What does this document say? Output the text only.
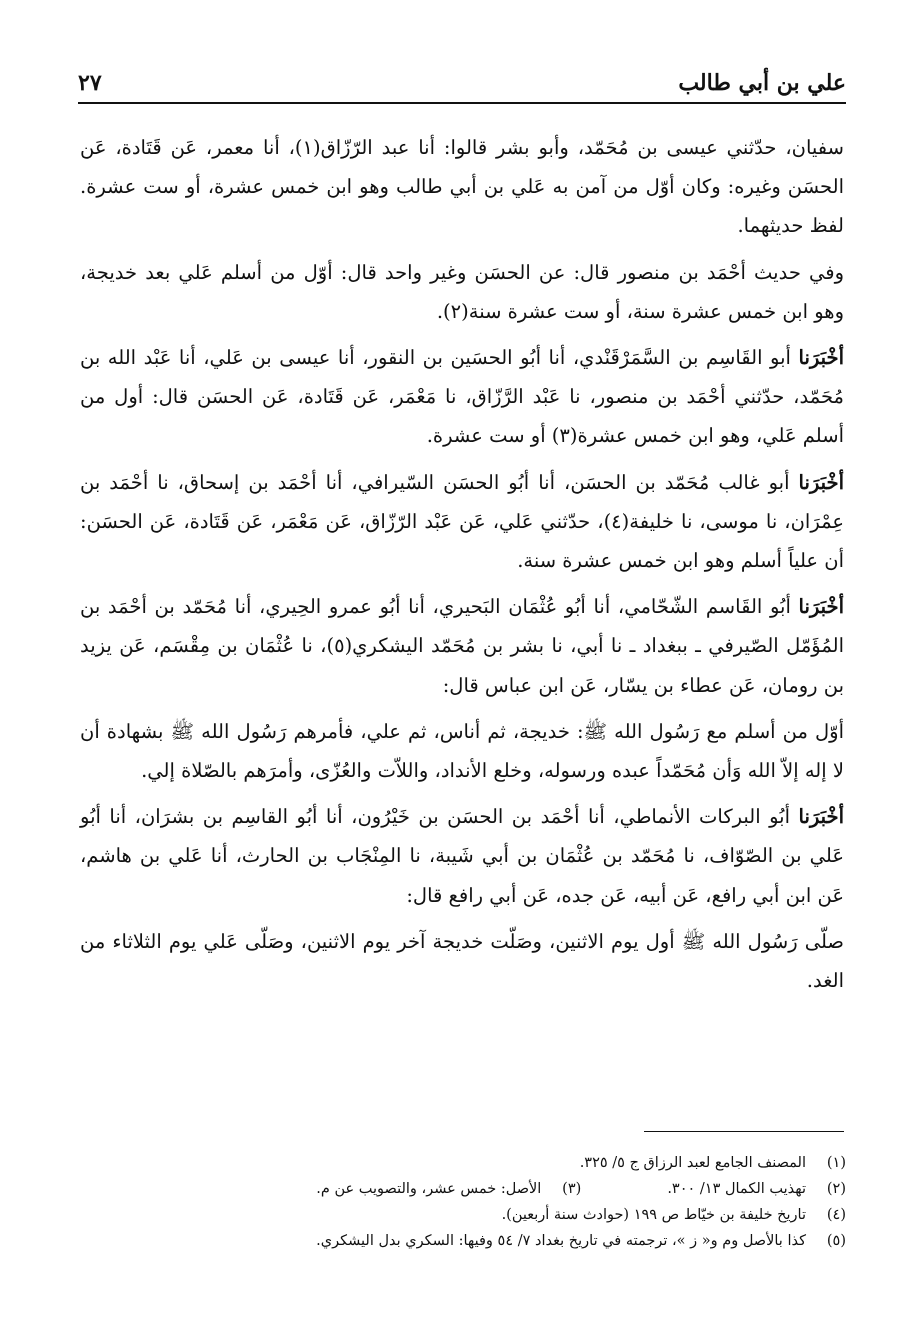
علي بن أبي طالب
٢٧

سفيان، حدّثني عيسى بن مُحَمّد، وأبو بشر قالوا: أنا عبد الرّزّاق(١)، أنا معمر، عَن قَتَادة، عَن الحسَن وغيره: وكان أوّل من آمن به عَلي بن أبي طالب وهو ابن خمس عشرة، أو ست عشرة. لفظ حديثهما.

وفي حديث أحْمَد بن منصور قال: عن الحسَن وغير واحد قال: أوّل من أسلم عَلي بعد خديجة، وهو ابن خمس عشرة سنة، أو ست عشرة سنة(٢).

أخْبَرَنا أبو القَاسِم بن السَّمَرْقَنْدي، أنا أبُو الحسَين بن النقور، أنا عيسى بن عَلي، أنا عَبْد الله بن مُحَمّد، حدّثني أحْمَد بن منصور، نا عَبْد الرَّزّاق، نا مَعْمَر، عَن قَتَادة، عَن الحسَن قال: أول من أسلم عَلي، وهو ابن خمس عشرة(٣) أو ست عشرة.

أخْبَرَنا أبو غالب مُحَمّد بن الحسَن، أنا أبُو الحسَن السّيرافي، أنا أحْمَد بن إسحاق، نا أحْمَد بن عِمْرَان، نا موسى، نا خليفة(٤)، حدّثني عَلي، عَن عَبْد الرّزّاق، عَن مَعْمَر، عَن قَتَادة، عَن الحسَن: أن علياً أسلم وهو ابن خمس عشرة سنة.

أخْبَرَنا أبُو القَاسم الشّحّامي، أنا أبُو عُثْمَان البَحيري، أنا أبُو عمرو الحِيري، أنا مُحَمّد بن أحْمَد بن المُؤَمّل الصّيرفي ـ ببغداد ـ نا أبي، نا بشر بن مُحَمّد اليشكري(٥)، نا عُثْمَان بن مِقْسَم، عَن يزيد بن رومان، عَن عطاء بن يسّار، عَن ابن عباس قال:

أوّل من أسلم مع رَسُول الله ﷺ: خديجة، ثم أناس، ثم علي، فأمرهم رَسُول الله ﷺ بشهادة أن لا إله إلاّ الله وَأن مُحَمّداً عبده ورسوله، وخلع الأنداد، واللاّت والعُزّى، وأمرَهم بالصّلاة إلي.

أخْبَرَنا أبُو البركات الأنماطي، أنا أحْمَد بن الحسَن بن خَيْرُون، أنا أبُو القاسِم بن بشرَان، أنا أبُو عَلي بن الصّوّاف، نا مُحَمّد بن عُثْمَان بن أبي شَيبة، نا المِنْجَاب بن الحارث، أنا عَلي بن هاشم، عَن ابن أبي رافع، عَن أبيه، عَن جده، عَن أبي رافع قال:

صلّى رَسُول الله ﷺ أول يوم الاثنين، وصَلّت خديجة آخر يوم الاثنين، وصَلّى عَلي يوم الثلاثاء من الغد.

(١)
المصنف الجامع لعبد الرزاق ج ٥/ ٣٢٥.
(٢)
تهذيب الكمال ١٣/ ٣٠٠.
(٣)
الأصل: خمس عشر، والتصويب عن م.
(٤)
تاريخ خليفة بن خيّاط ص ١٩٩ (حوادث سنة أربعين).
(٥)
كذا بالأصل وم و« ز »، ترجمته في تاريخ بغداد ٧/ ٥٤ وفيها: السكري بدل اليشكري.
